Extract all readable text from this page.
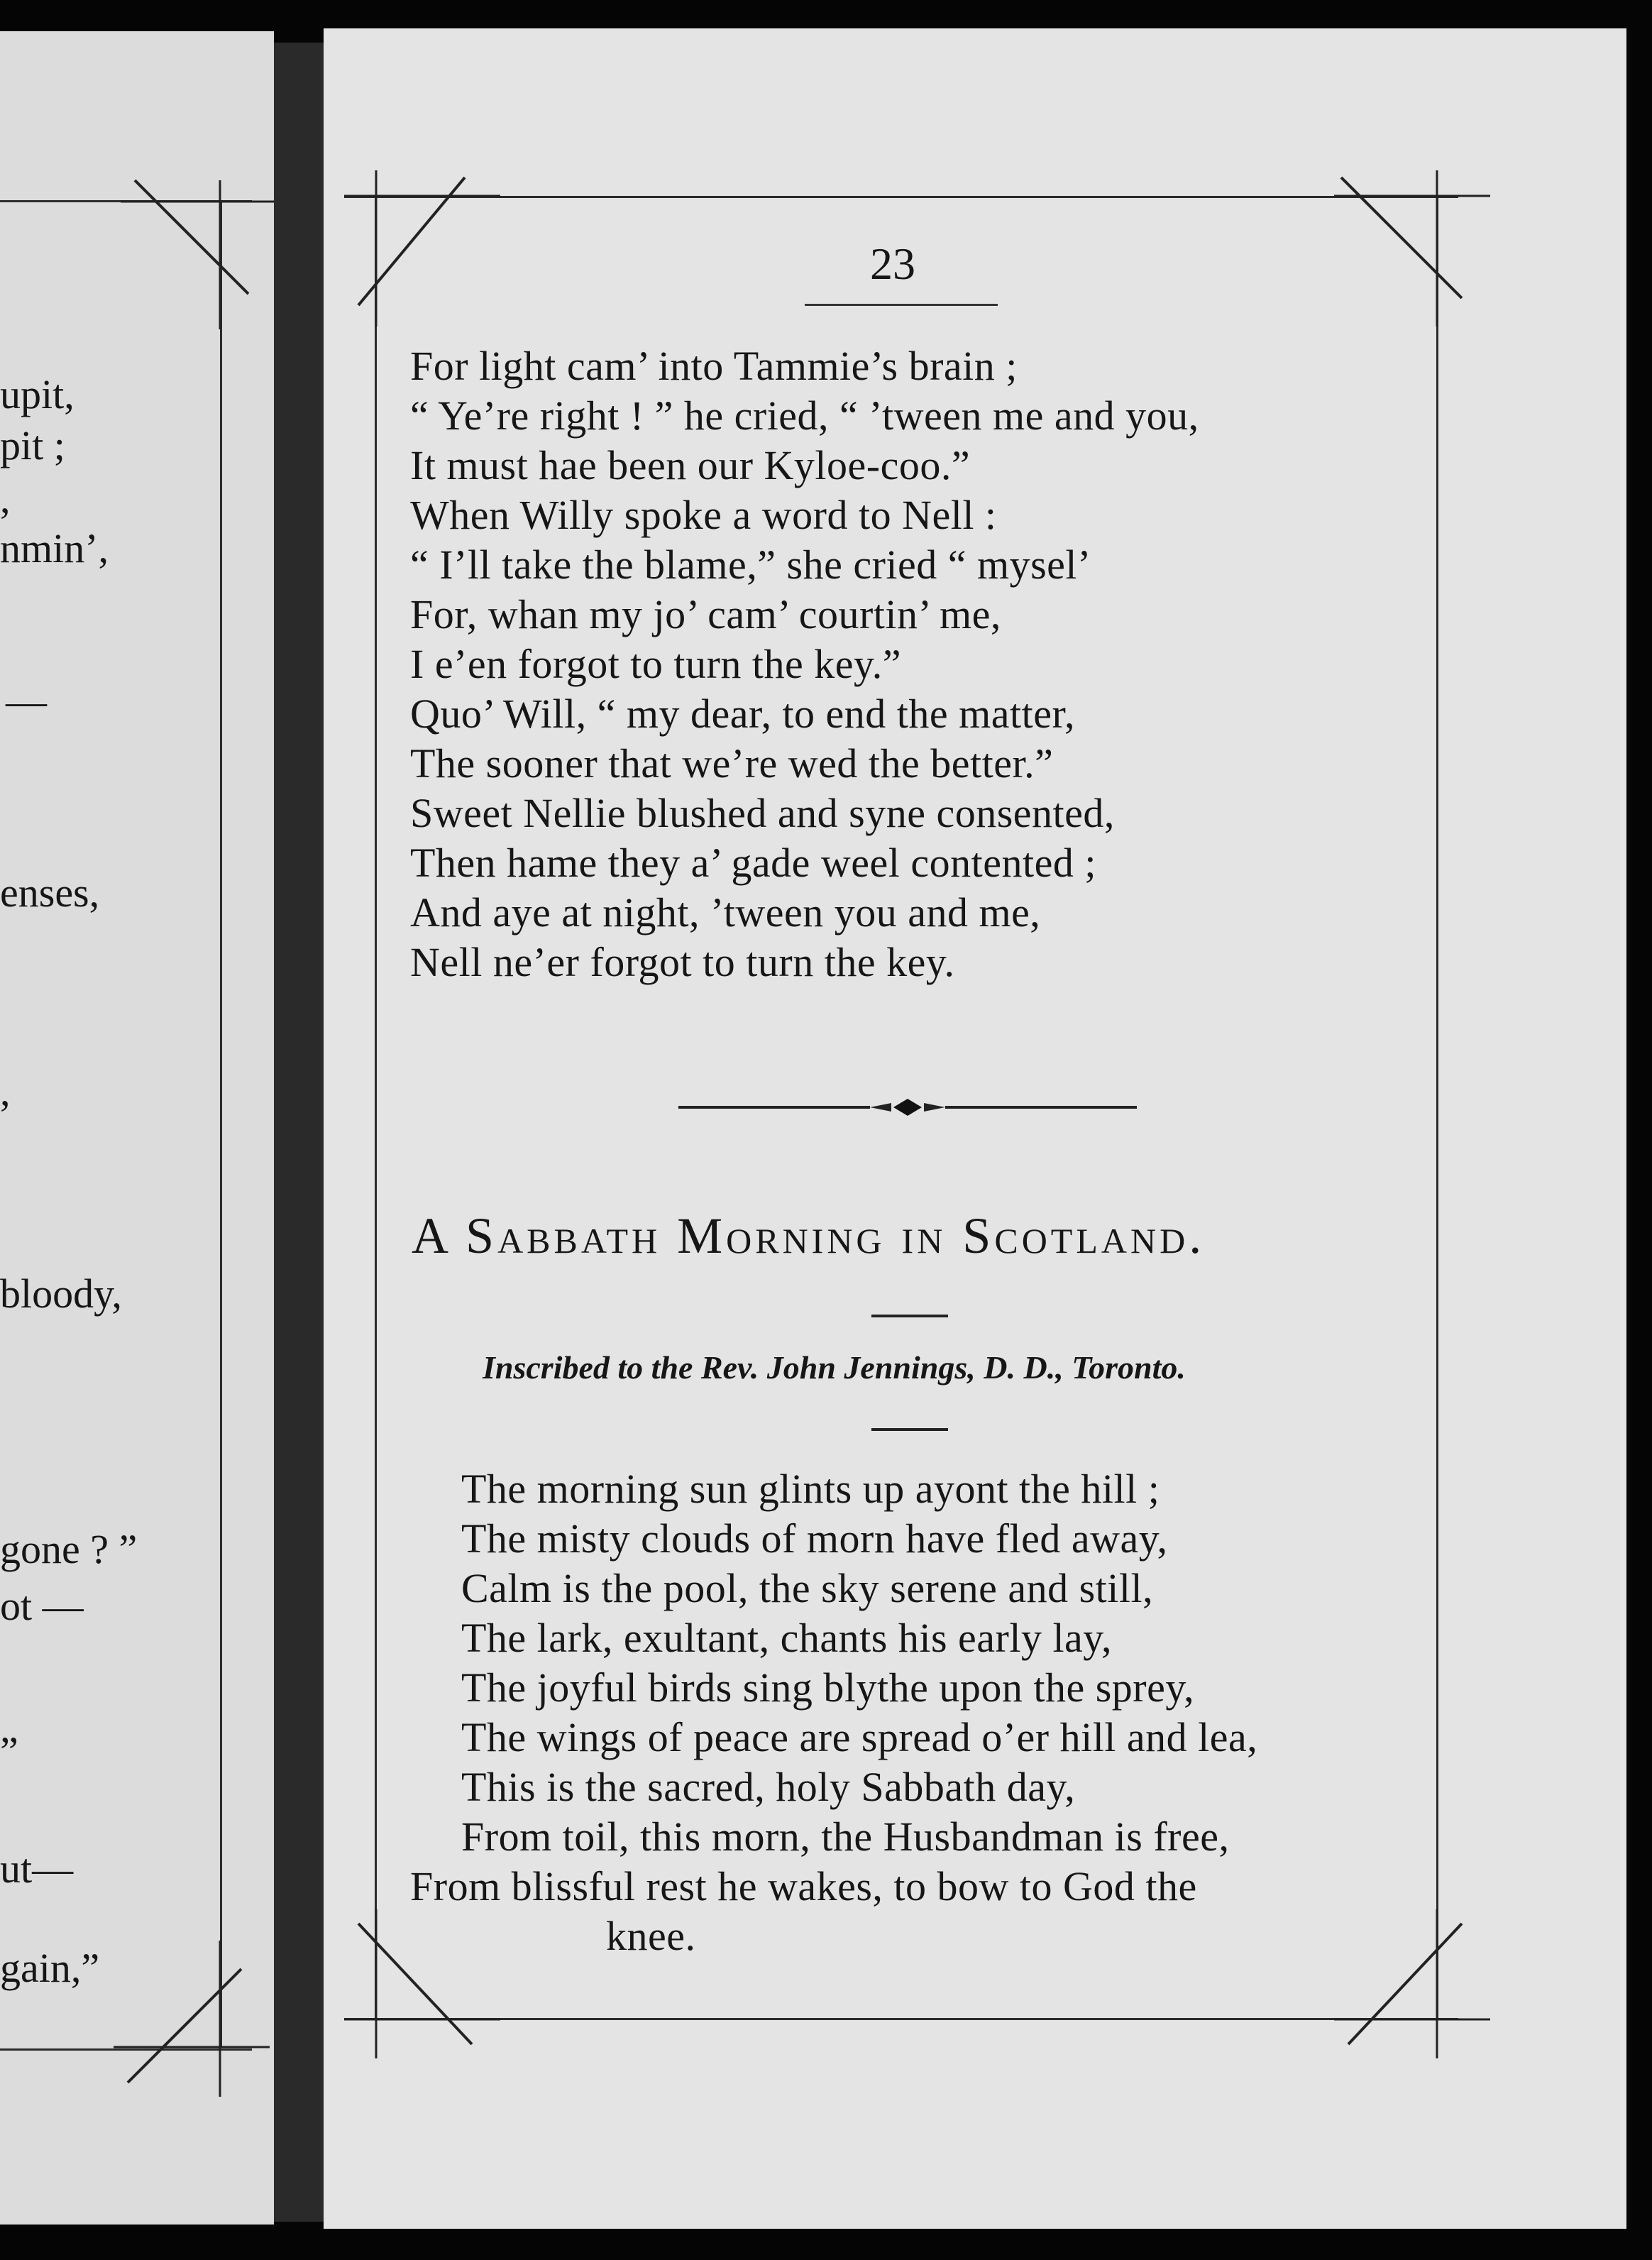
upit,
pit ;
,
nmin’,
—
enses,
,
bloody,
gone ? ”
ot —
”
ut—
gain,”
23
For light cam’ into Tammie’s brain ;
“ Ye’re right ! ” he cried, “ ’tween me and you,
It must hae been our Kyloe-coo.”
When Willy spoke a word to Nell :
“ I’ll take the blame,” she cried “ mysel’
For, whan my jo’ cam’ courtin’ me,
I e’en forgot to turn the key.”
Quo’ Will, “ my dear, to end the matter,
The sooner that we’re wed the better.”
Sweet Nellie blushed and syne consented,
Then hame they a’ gade weel contented ;
And aye at night, ’tween you and me,
Nell ne’er forgot to turn the key.
A Sabbath Morning in Scotland.
Inscribed to the Rev. John Jennings, D. D., Toronto.
The morning sun glints up ayont the hill ;
The misty clouds of morn have fled away,
Calm is the pool, the sky serene and still,
The lark, exultant, chants his early lay,
The joyful birds sing blythe upon the sprey,
The wings of peace are spread o’er hill and lea,
This is the sacred, holy Sabbath day,
From toil, this morn, the Husbandman is free,
From blissful rest he wakes, to bow to God the
knee.
